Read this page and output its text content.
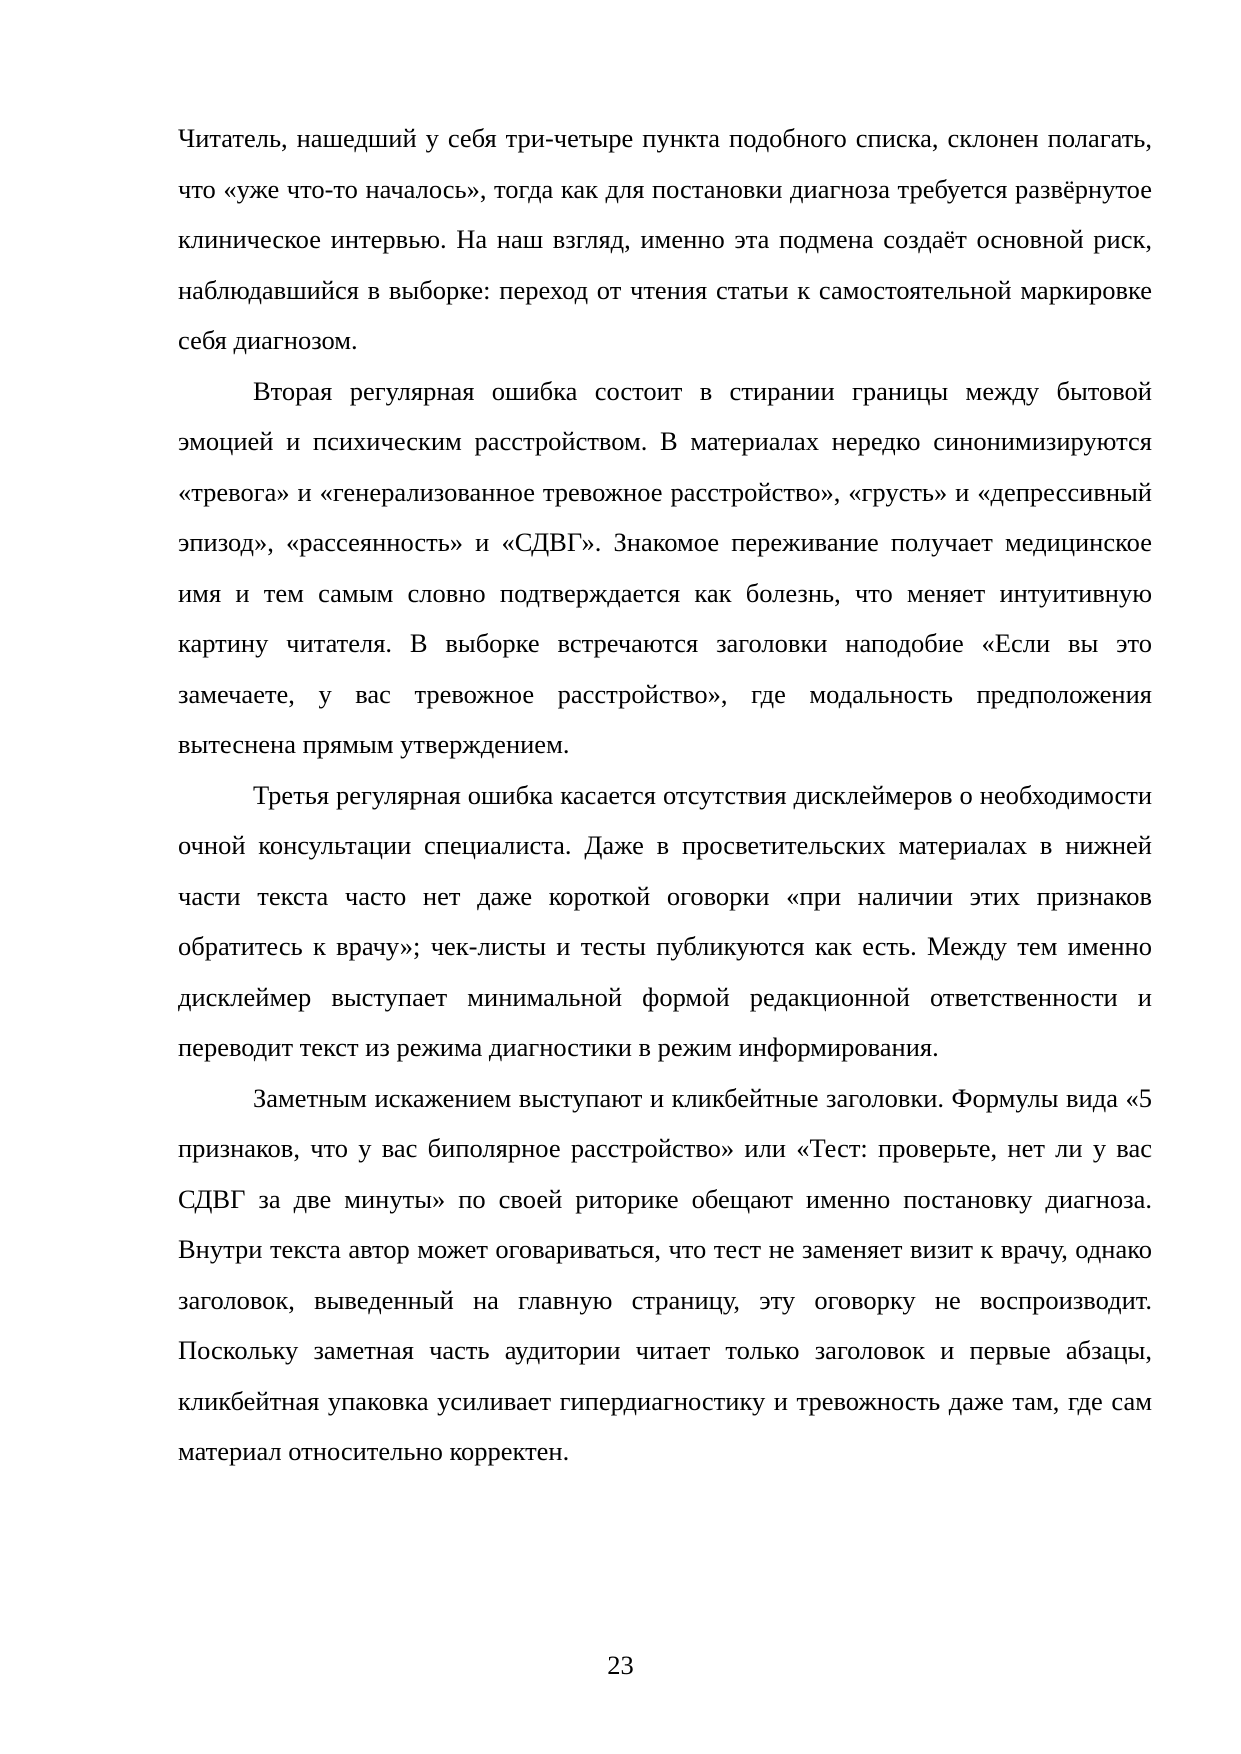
Читатель, нашедший у себя три-четыре пункта подобного списка, склонен полагать, что «уже что-то началось», тогда как для постановки диагноза требуется развёрнутое клиническое интервью. На наш взгляд, именно эта подмена создаёт основной риск, наблюдавшийся в выборке: переход от чтения статьи к самостоятельной маркировке себя диагнозом.

Вторая регулярная ошибка состоит в стирании границы между бытовой эмоцией и психическим расстройством. В материалах нередко синонимизируются «тревога» и «генерализованное тревожное расстройство», «грусть» и «депрессивный эпизод», «рассеянность» и «СДВГ». Знакомое переживание получает медицинское имя и тем самым словно подтверждается как болезнь, что меняет интуитивную картину читателя. В выборке встречаются заголовки наподобие «Если вы это замечаете, у вас тревожное расстройство», где модальность предположения вытеснена прямым утверждением.

Третья регулярная ошибка касается отсутствия дисклеймеров о необходимости очной консультации специалиста. Даже в просветительских материалах в нижней части текста часто нет даже короткой оговорки «при наличии этих признаков обратитесь к врачу»; чек-листы и тесты публикуются как есть. Между тем именно дисклеймер выступает минимальной формой редакционной ответственности и переводит текст из режима диагностики в режим информирования.

Заметным искажением выступают и кликбейтные заголовки. Формулы вида «5 признаков, что у вас биполярное расстройство» или «Тест: проверьте, нет ли у вас СДВГ за две минуты» по своей риторике обещают именно постановку диагноза. Внутри текста автор может оговариваться, что тест не заменяет визит к врачу, однако заголовок, выведенный на главную страницу, эту оговорку не воспроизводит. Поскольку заметная часть аудитории читает только заголовок и первые абзацы, кликбейтная упаковка усиливает гипердиагностику и тревожность даже там, где сам материал относительно корректен.

23
